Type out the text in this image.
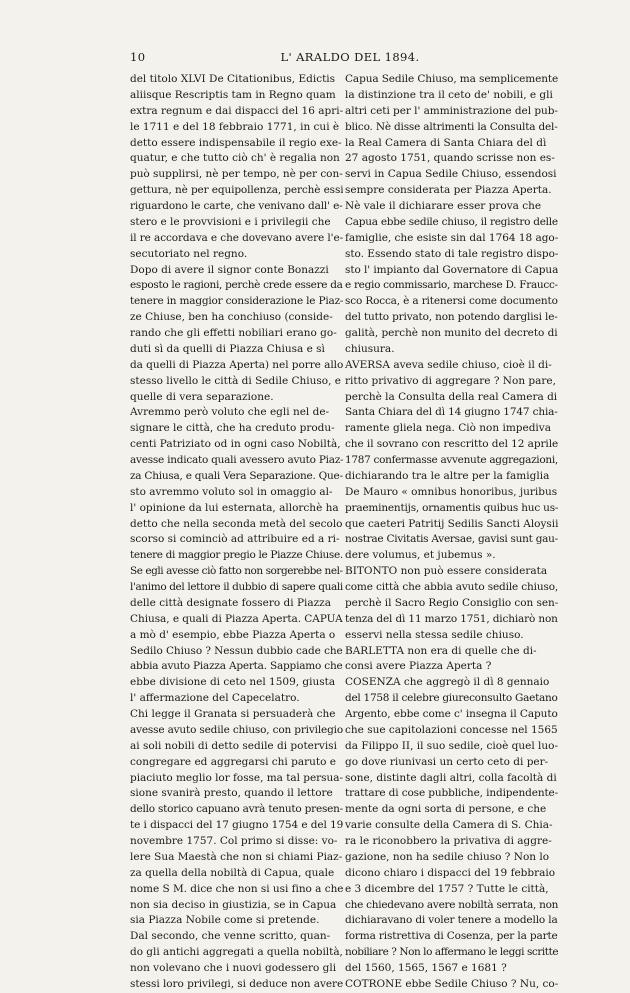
10	L' ARALDO DEL 1894.
del titolo XLVI De Citationibus, Edictis
aliisque Rescriptis tam in Regno quam
extra regnum e dai dispacci del 16 apri-
le 1711 e del 18 febbraio 1771, in cui è
detto essere indispensabile il regio exe-
quatur, e che tutto ciò ch' è regalia non
può supplirsi, nè per tempo, nè per con-
gettura, nè per equipollenza, perchè essi
riguardono le carte, che venivano dall' e-
stero e le provvisioni e i privilegii che
il re accordava e che dovevano avere l'e-
secutoriato nel regno.
Dopo di avere il signor conte Bonazzi
esposto le ragioni, perchè crede essere da
tenere in maggior considerazione le Piaz-
ze Chiuse, ben ha conchiuso (conside-
rando che gli effetti nobiliari erano go-
duti sì da quelli di Piazza Chiusa e sì
da quelli di Piazza Aperta) nel porre allo
stesso livello le città di Sedile Chiuso, e
quelle di vera separazione.
Avremmo però voluto che egli nel de-
signare le città, che ha creduto produ-
centi Patriziato od in ogni caso Nobiltà,
avesse indicato quali avessero avuto Piaz-
za Chiusa, e quali Vera Separazione. Que-
sto avremmo voluto sol in omaggio al-
l' opinione da lui esternata, allorchè ha
detto che nella seconda metà del secolo
scorso si cominciò ad attribuire ed a ri-
tenere di maggior pregio le Piazze Chiuse.
Se egli avesse ciò fatto non sorgerebbe nel-
l'animo del lettore il dubbio di sapere quali
delle città designate fossero di Piazza
Chiusa, e quali di Piazza Aperta. CAPUA
a mò d' esempio, ebbe Piazza Aperta o
Sedilo Chiuso ? Nessun dubbio cade che
abbia avuto Piazza Aperta. Sappiamo che
ebbe divisione di ceto nel 1509, giusta
l' affermazione del Capecelatro.
Chi legge il Granata si persuaderà che
avesse avuto sedile chiuso, con privilegio
ai soli nobili di detto sedile di potervisi
congregare ed aggregarsi chi paruto e
piaciuto meglio lor fosse, ma tal persua-
sione svanirà presto, quando il lettore
dello storico capuano avrà tenuto presen-
te i dispacci del 17 giugno 1754 e del 19
novembre 1757. Col primo si disse: vo-
lere Sua Maestà che non si chiami Piaz-
za quella della nobiltà di Capua, quale
nome S M. dice che non si usi fino a che
non sia deciso in giustizia, se in Capua
sia Piazza Nobile come si pretende.
Dal secondo, che venne scritto, quan-
do gli antichi aggregati a quella nobiltà,
non volevano che i nuovi godessero gli
stessi loro privilegi, si deduce non avere
Capua Sedile Chiuso, ma semplicemente
la distinzione tra il ceto de' nobili, e gli
altri ceti per l' amministrazione del pub-
blico. Nè disse altrimenti la Consulta del-
la Real Camera di Santa Chiara del dì
27 agosto 1751, quando scrisse non es-
servi in Capua Sedile Chiuso, essendosi
sempre considerata per Piazza Aperta.
Nè vale il dichiarare esser prova che
Capua ebbe sedile chiuso, il registro delle
famiglie, che esiste sin dal 1764 18 ago-
sto. Essendo stato di tale registro dispo-
sto l' impianto dal Governatore di Capua
e regio commissario, marchese D. Fraucc-
sco Rocca, è a ritenersi come documento
del tutto privato, non potendo darglisi le-
galità, perchè non munito del decreto di
chiusura.
AVERSA aveva sedile chiuso, cioè il di-
ritto privativo di aggregare ? Non pare,
perchè la Consulta della real Camera di
Santa Chiara del dì 14 giugno 1747 chia-
ramente gliela nega. Ciò non impediva
che il sovrano con rescritto del 12 aprile
1787 confermasse avvenute aggregazioni,
dichiarando tra le altre per la famiglia
De Mauro « omnibus honoribus, juribus
praeminentijs, ornamentis quibus huc us-
que caeteri Patritij Sedilis Sancti Aloysii
nostrae Civitatis Aversae, gavisi sunt gau-
dere volumus, et jubemus ».
BITONTO non può essere considerata
come città che abbia avuto sedile chiuso,
perchè il Sacro Regio Consiglio con sen-
tenza del dì 11 marzo 1751, dichiarò non
esservi nella stessa sedile chiuso.
BARLETTA non era di quelle che di-
consi avere Piazza Aperta ?
COSENZA che aggregò il dì 8 gennaio
del 1758 il celebre giureconsulto Gaetano
Argento, ebbe come c' insegna il Caputo
che sue capitolazioni concesse nel 1565
da Filippo II, il suo sedile, cioè quel luo-
go dove riunivasi un certo ceto di per-
sone, distinte dagli altri, colla facoltà di
trattare di cose pubbliche, indipendente-
mente da ogni sorta di persone, e che
varie consulte della Camera di S. Chia-
ra le riconobbero la privativa di aggre-
gazione, non ha sedile chiuso ? Non lo
dicono chiaro i dispacci del 19 febbraio
e 3 dicembre del 1757 ? Tutte le città,
che chiedevano avere nobiltà serrata, non
dichiaravano di voler tenere a modello la
forma ristrettiva di Cosenza, per la parte
nobiliare ? Non lo affermano le leggi scritte
del 1560, 1565, 1567 e 1681 ?
COTRONE ebbe Sedile Chiuso ? Nu, co-
